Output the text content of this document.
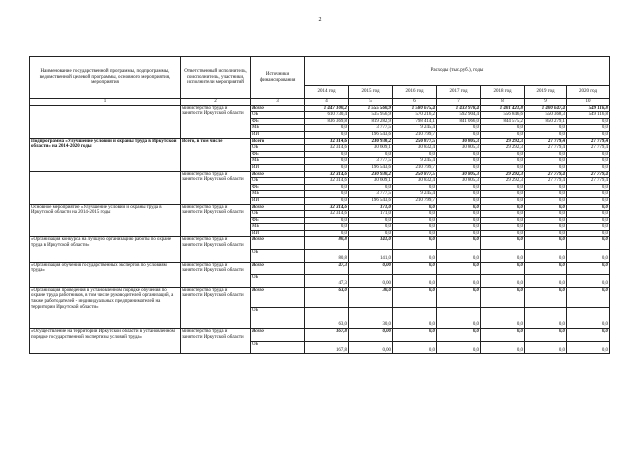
2
Наименование государственной программы, подпрограммы, ведомственной целевой программы, основного мероприятия, мероприятия	Ответственный исполнитель, соисполнитель, участники, исполнители мероприятий	Источники финансирования	Расходы (тыс.руб.), годы						
			2014 год	2015 год	2016 год	2017 год	2018 год	2019 год	2020 год
1	2	3	4	5	6	7	8	9	10
	министерство труда и занятости Иркутской области	Всего	1 447 100,2	1 555 560,9	1 580 675,4	1 433 978,4	1 401 421,8	1 400 647,4	549 116,8
		ОБ	610 730,4	535 956,9	570 216,2	592 904,4	556 846,6	550 368,3	549 116,8
		ФБ	836 369,8	819 282,9	798 414,1	841 066,0	844 575,2	850 279,1	0,0
		МБ	0,0	3 777,5	9 245,4	0,0	0,0	0,0	0,0
		ИИ	0,0	196 543,6	210 799,7	0,0	0,0	0,0	0,0
Подпрограмма «Улучшение условий и охраны труда в Иркутской области» на 2014-2020 годы	Всего, в том числе	Всего	32 314,6	230 930,2	250 877,5	30 805,3	29 292,3	27 779,4	27 779,4
		ОБ	32 314,6	30 609,1	30 832,4	30 805,3	29 292,3	27 779,4	27 779,4
		ФБ	0,0	0,0	0,0	0,0	0,0	0,0	0,0
		МБ	0,0	3 777,5	9 245,4	0,0	0,0	0,0	0,0
		ИИ	0,0	196 543,6	210 799,7	0,0	0,0	0,0	0,0
	министерство труда и занятости Иркутской области	Всего	32 314,6	230 930,2	250 877,5	30 805,3	29 292,3	27 779,4	27 779,4
		ОБ	32 314,6	30 609,1	30 832,4	30 805,3	29 292,3	27 779,4	27 779,4
		ФБ	0,0	0,0	0,0	0,0	0,0	0,0	0,0
		МБ	0,0	3 777,5	9 245,4	0,0	0,0	0,0	0,0
		ИИ	0,0	196 543,6	210 799,7	0,0	0,0	0,0	0,0
Основное мероприятие «Улучшение условий и охраны труда в Иркутской области на 2014-2015 годы	министерство труда и занятости Иркутской области	Всего	32 314,6	171,0	0,0	0,0	0,0	0,0	0,0
		ОБ	32 314,6	171,0	0,0	0,0	0,0	0,0	0,0
		ФБ	0,0	0,0	0,0	0,0	0,0	0,0	0,0
		МБ	0,0	0,0	0,0	0,0	0,0	0,0	0,0
		ИИ	0,0	0,0	0,0	0,0	0,0	0,0	0,0
«Организация конкурса на лучшую организацию работы по охране труда в Иркутской области»	министерство труда и занятости Иркутской области	Всего	80,8	141,0	0,0	0,0	0,0	0,0	0,0
		ОБ	80,8	141,0	0,0	0,0	0,0	0,0	0,0
«Организация обучения государственных экспертов по условиям труда»	министерство труда и занятости Иркутской области	Всего	47,3	0,00	0,0	0,0	0,0	0,0	0,0
		ОБ	47,3	0,00	0,0	0,0	0,0	0,0	0,0
«Организация проведения в установленном порядке обучения по охране труда работников, в том числе руководителей организаций, а также работодателей - индивидуальных предпринимателей на территории Иркутской области»	министерство труда и занятости Иркутской области	Всего	63,0	30,0	0,0	0,0	0,0	0,0	0,0
		ОБ	63,0	30,0	0,0	0,0	0,0	0,0	0,0
«Осуществление на территории Иркутской области в установленном порядке государственной экспертизы условий труда»	министерство труда и занятости Иркутской области	Всего	167,8	0,00	0,0	0,0	0,0	0,0	0,0
		ОБ	167,8	0,00	0,0	0,0	0,0	0,0	0,0
